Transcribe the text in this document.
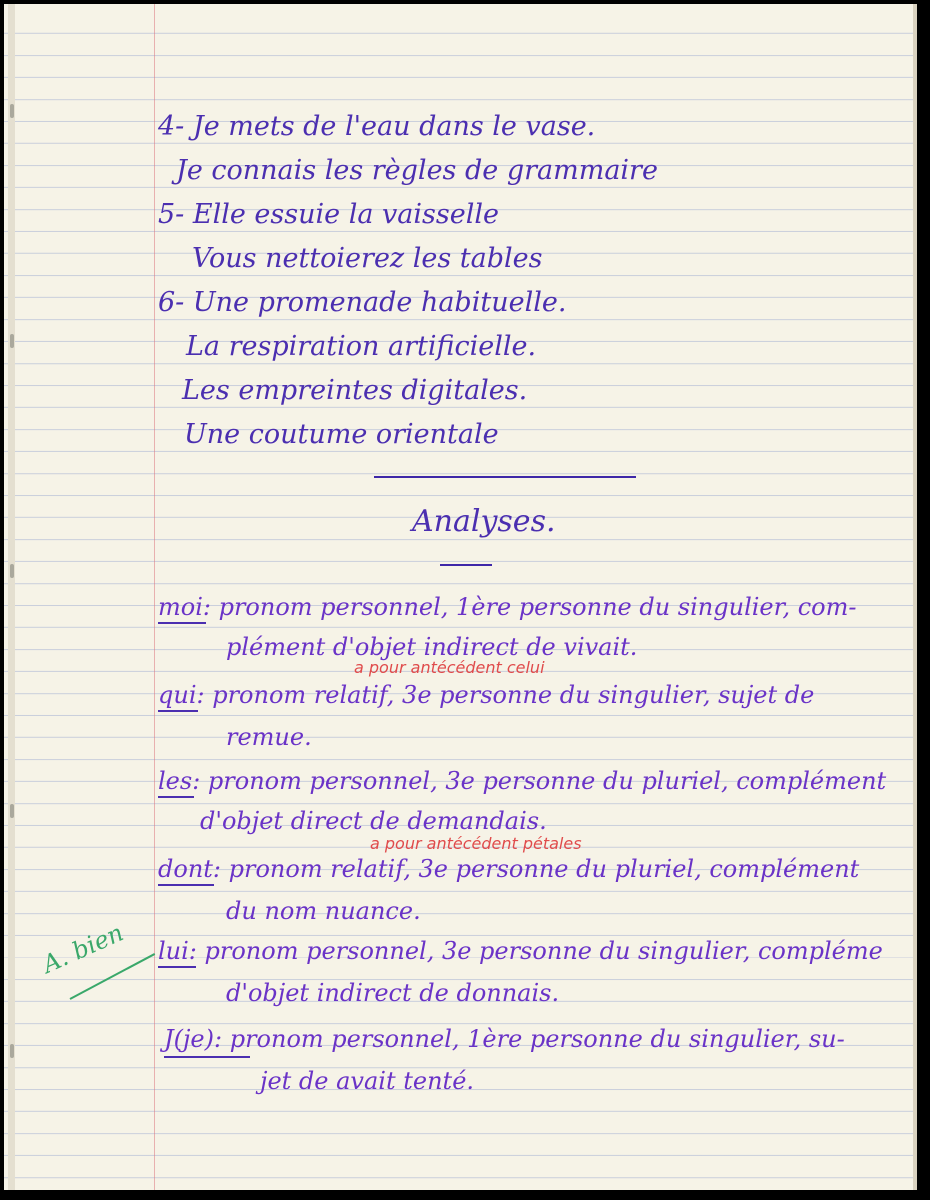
4- Je mets de l'eau dans le vase.
Je connais les règles de grammaire
5- Elle essuie la vaisselle
Vous nettoierez les tables
6- Une promenade habituelle.
La respiration artificielle.
Les empreintes digitales.
Une coutume orientale
Analyses.
moi: pronom personnel, 1ère personne du singulier, com-
plément d'objet indirect de vivait.
a pour antécédent celui
qui: pronom relatif, 3e personne du singulier, sujet de
remue.
les: pronom personnel, 3e personne du pluriel, complément
d'objet direct de demandais.
a pour antécédent pétales
dont: pronom relatif, 3e personne du pluriel, complément
du nom nuance.
lui: pronom personnel, 3e personne du singulier, compléme
d'objet indirect de donnais.
J(je): pronom personnel, 1ère personne du singulier, su-
jet de avait tenté.
A. bien
